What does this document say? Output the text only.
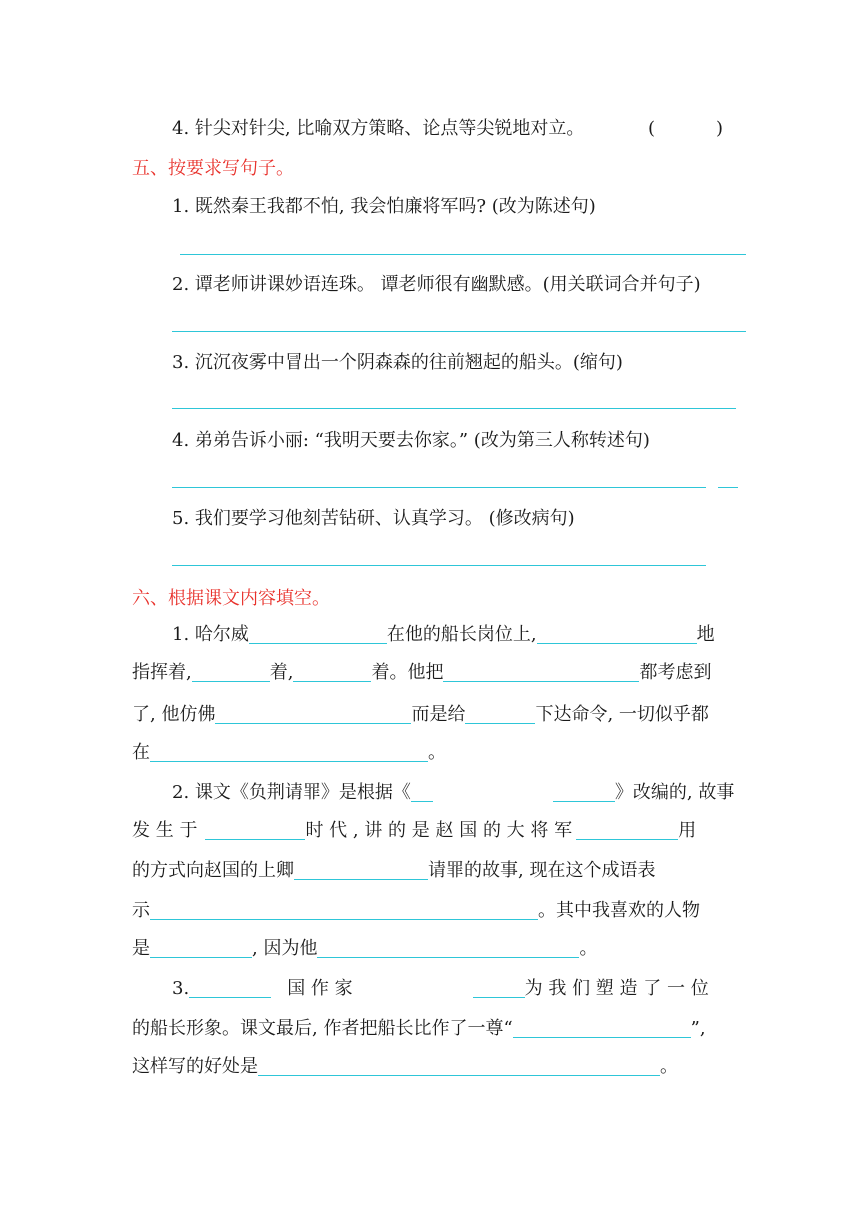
4. 针尖对针尖, 比喻双方策略、论点等尖锐地对立。	(	)
五、按要求写句子。
1. 既然秦王我都不怕, 我会怕廉将军吗? (改为陈述句)
2. 谭老师讲课妙语连珠。 谭老师很有幽默感。(用关联词合并句子)
3. 沉沉夜雾中冒出一个阴森森的往前翘起的船头。(缩句)
4. 弟弟告诉小丽: “我明天要去你家。” (改为第三人称转述句)
5. 我们要学习他刻苦钻研、认真学习。 (修改病句)
六、根据课文内容填空。
1. 哈尔威	在他的船长岗位上,	地
指挥着,	着,	着。他把	都考虑到
了, 他仿佛	而是给	下达命令, 一切似乎都
在	。
2. 课文《负荆请罪》是根据《	》改编的, 故事
发 生 于	时 代 , 讲 的 是 赵 国 的 大 将 军	用
的方式向赵国的上卿	请罪的故事, 现在这个成语表
示	。其中我喜欢的人物
是	, 因为他	。
3.	国 作 家	为 我 们 塑 造 了 一 位
的船长形象。课文最后, 作者把船长比作了一尊“	”,
这样写的好处是	。
